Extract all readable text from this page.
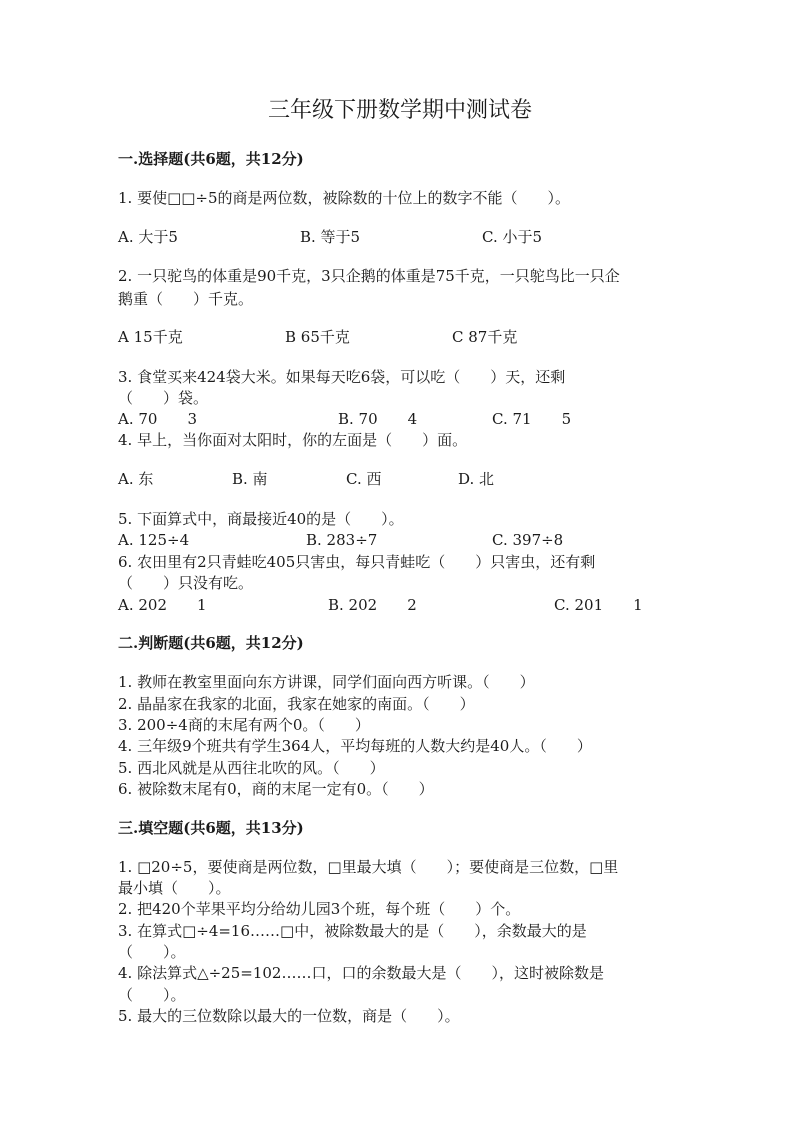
三年级下册数学期中测试卷
一.选择题(共6题，共12分)
1. 要使□□÷5的商是两位数，被除数的十位上的数字不能（　　）。
A. 大于5	B. 等于5	C. 小于5
2. 一只驼鸟的体重是90千克，3只企鹅的体重是75千克，一只鸵鸟比一只企
鹅重（　　）千克。
A 15千克	B 65千克	C 87千克
3. 食堂买来424袋大米。如果每天吃6袋，可以吃（　　）天，还剩
（　　）袋。
A. 70　　3	B. 70　　4	C. 71　　5
4. 早上，当你面对太阳时，你的左面是（　　）面。
A. 东	B. 南	C. 西	D. 北
5. 下面算式中，商最接近40的是（　　）。
A. 125÷4	B. 283÷7	C. 397÷8
6. 农田里有2只青蛙吃405只害虫，每只青蛙吃（　　）只害虫，还有剩
（　　）只没有吃。
A. 202　　1	B. 202　　2	C. 201　　1
二.判断题(共6题，共12分)
1. 教师在教室里面向东方讲课，同学们面向西方听课。（　　）
2. 晶晶家在我家的北面，我家在她家的南面。（　　）
3. 200÷4商的末尾有两个0。（　　）
4. 三年级9个班共有学生364人，平均每班的人数大约是40人。（　　）
5. 西北风就是从西往北吹的风。（　　）
6. 被除数末尾有0，商的末尾一定有0。（　　）
三.填空题(共6题，共13分)
1. □20÷5，要使商是两位数，□里最大填（　　）；要使商是三位数，□里
最小填（　　）。
2. 把420个苹果平均分给幼儿园3个班，每个班（　　）个。
3. 在算式□÷4=16……□中，被除数最大的是（　　），余数最大的是
（　　）。
4. 除法算式△÷25=102……口，口的余数最大是（　　），这时被除数是
（　　）。
5. 最大的三位数除以最大的一位数，商是（　　）。
